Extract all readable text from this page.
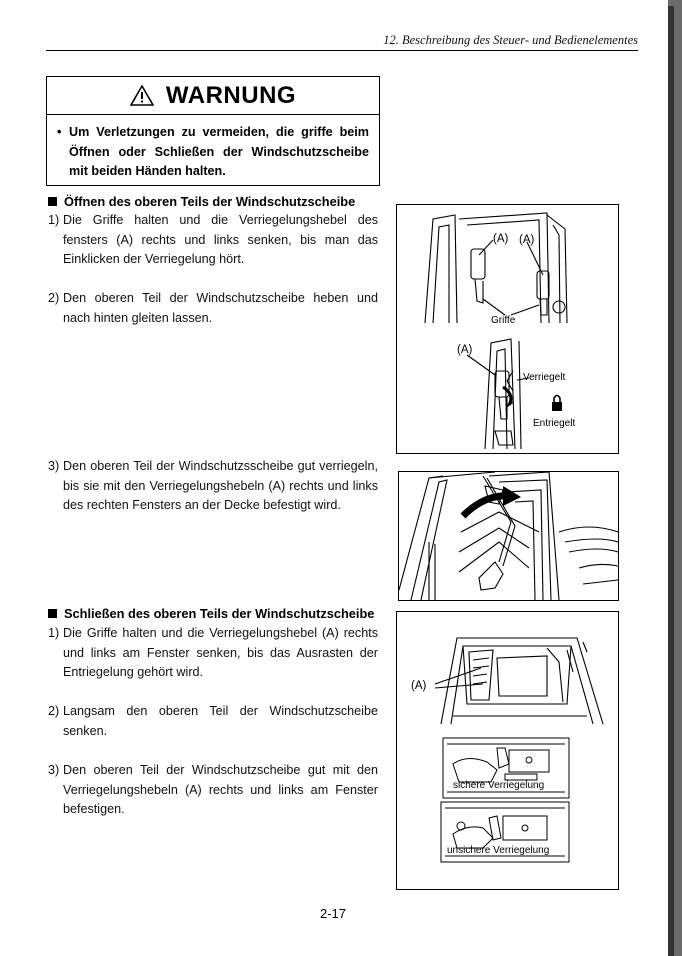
12. Beschreibung des Steuer- und Bedienelementes
WARNUNG
• Um Verletzungen zu vermeiden, die griffe beim Öffnen oder Schließen der Windschutzscheibe mit beiden Händen halten.
Öffnen des oberen Teils der Windschutzscheibe
1) Die Griffe halten und die Verriegelungshebel des fensters (A) rechts und links senken, bis man das Einklicken der Verriegelung hört.
2) Den oberen Teil der Windschutzscheibe heben und nach hinten gleiten lassen.
3) Den oberen Teil der Windschutzsscheibe gut verriegeln, bis sie mit den Verriegelungshebeln (A) rechts und links des rechten Fensters an der Decke befestigt wird.
Schließen des oberen Teils der Windschutzscheibe
1) Die Griffe halten und die Verriegelungshebel (A) rechts und links am Fenster senken, bis das Ausrasten der Entriegelung gehört wird.
2) Langsam den oberen Teil der Windschutzscheibe senken.
3) Den oberen Teil der Windschutzscheibe gut mit den Verriegelungshebeln (A) rechts und links am Fenster befestigen.
(A) (A)
Griffe
(A)
Verriegelt
Entriegelt
(A)
sichere Verriegelung
unsichere Verriegelung
2-17
